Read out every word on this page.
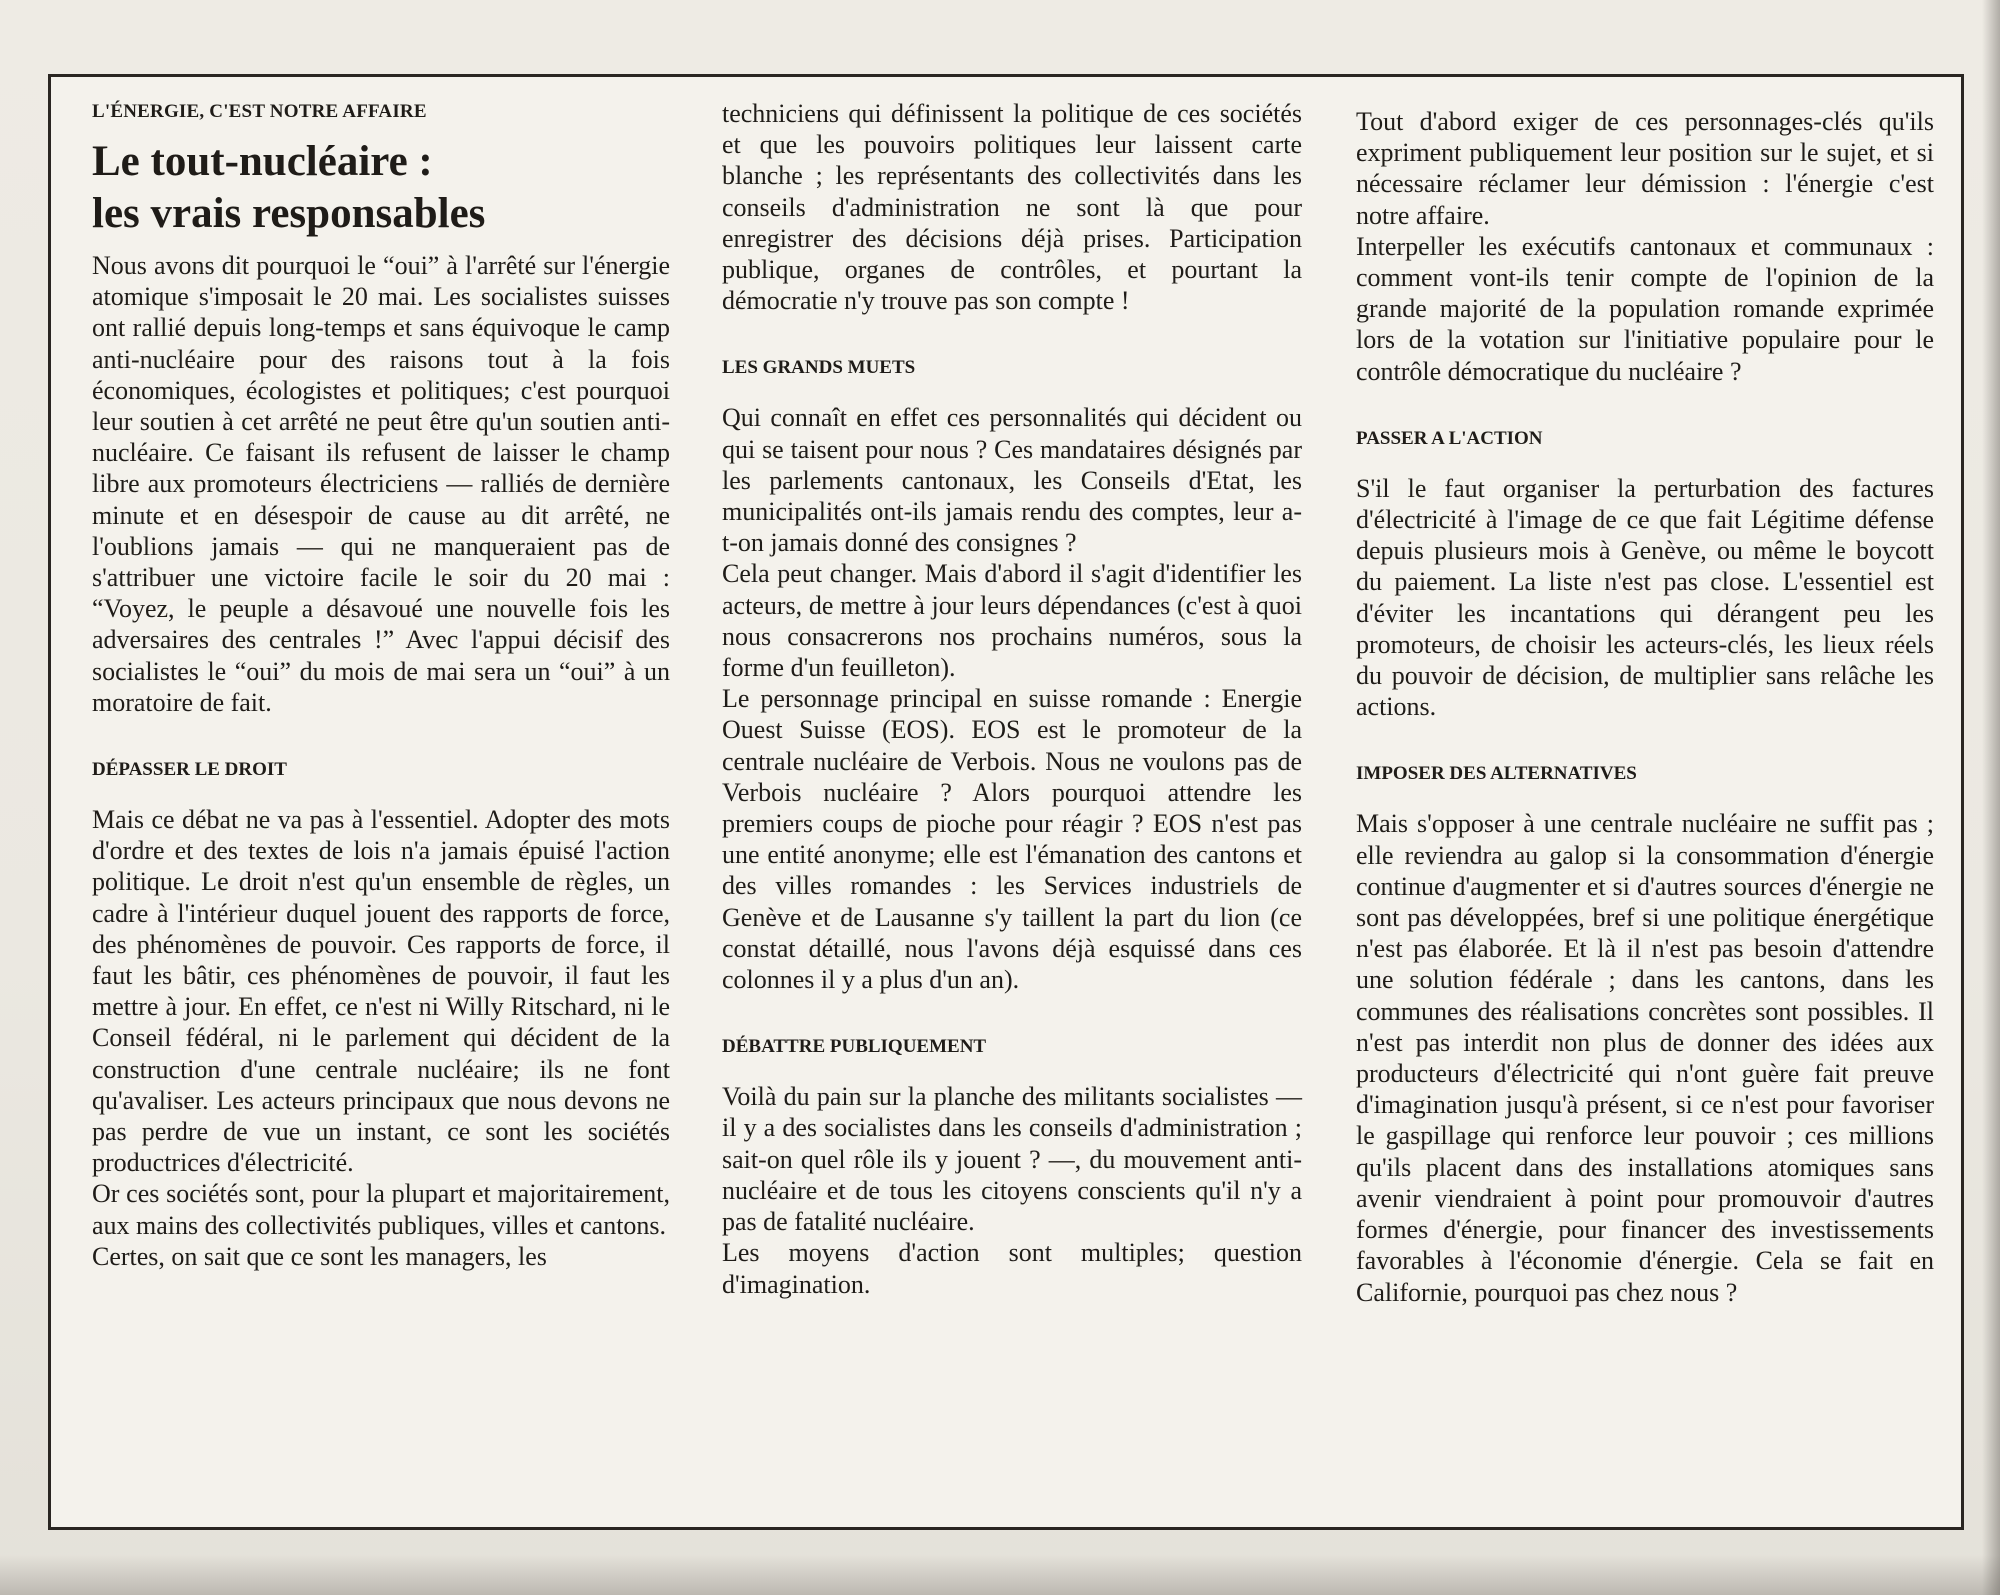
L'ÉNERGIE, C'EST NOTRE AFFAIRE
Le tout-nucléaire :
les vrais responsables

Nous avons dit pourquoi le “oui” à l'arrêté sur l'énergie atomique s'imposait le 20 mai. Les socialistes suisses ont rallié depuis long-temps et sans équivoque le camp anti-nucléaire pour des raisons tout à la fois économiques, écologistes et politiques; c'est pourquoi leur soutien à cet arrêté ne peut être qu'un soutien anti-nucléaire. Ce faisant ils refusent de laisser le champ libre aux promoteurs électriciens — ralliés de dernière minute et en désespoir de cause au dit arrêté, ne l'oublions jamais — qui ne manqueraient pas de s'attribuer une victoire facile le soir du 20 mai : “Voyez, le peuple a désavoué une nouvelle fois les adversaires des centrales !” Avec l'appui décisif des socialistes le “oui” du mois de mai sera un “oui” à un moratoire de fait.

DÉPASSER LE DROIT

Mais ce débat ne va pas à l'essentiel. Adopter des mots d'ordre et des textes de lois n'a jamais épuisé l'action politique. Le droit n'est qu'un ensemble de règles, un cadre à l'intérieur duquel jouent des rapports de force, des phénomènes de pouvoir. Ces rapports de force, il faut les bâtir, ces phénomènes de pouvoir, il faut les mettre à jour. En effet, ce n'est ni Willy Ritschard, ni le Conseil fédéral, ni le parlement qui décident de la construction d'une centrale nucléaire; ils ne font qu'avaliser. Les acteurs principaux que nous devons ne pas perdre de vue un instant, ce sont les sociétés productrices d'électricité.

Or ces sociétés sont, pour la plupart et majoritairement, aux mains des collectivités publiques, villes et cantons.

Certes, on sait que ce sont les managers, les

techniciens qui définissent la politique de ces sociétés et que les pouvoirs politiques leur laissent carte blanche ; les représentants des collectivités dans les conseils d'administration ne sont là que pour enregistrer des décisions déjà prises. Participation publique, organes de contrôles, et pourtant la démocratie n'y trouve pas son compte !

LES GRANDS MUETS

Qui connaît en effet ces personnalités qui décident ou qui se taisent pour nous ? Ces mandataires désignés par les parlements cantonaux, les Conseils d'Etat, les municipalités ont-ils jamais rendu des comptes, leur a-t-on jamais donné des consignes ?

Cela peut changer. Mais d'abord il s'agit d'identifier les acteurs, de mettre à jour leurs dépendances (c'est à quoi nous consacrerons nos prochains numéros, sous la forme d'un feuilleton).

Le personnage principal en suisse romande : Energie Ouest Suisse (EOS). EOS est le promoteur de la centrale nucléaire de Verbois. Nous ne voulons pas de Verbois nucléaire ? Alors pourquoi attendre les premiers coups de pioche pour réagir ? EOS n'est pas une entité anonyme; elle est l'émanation des cantons et des villes romandes : les Services industriels de Genève et de Lausanne s'y taillent la part du lion (ce constat détaillé, nous l'avons déjà esquissé dans ces colonnes il y a plus d'un an).

DÉBATTRE PUBLIQUEMENT

Voilà du pain sur la planche des militants socialistes — il y a des socialistes dans les conseils d'administration ; sait-on quel rôle ils y jouent ? —, du mouvement anti-nucléaire et de tous les citoyens conscients qu'il n'y a pas de fatalité nucléaire.

Les moyens d'action sont multiples; question d'imagination.

Tout d'abord exiger de ces personnages-clés qu'ils expriment publiquement leur position sur le sujet, et si nécessaire réclamer leur démission : l'énergie c'est notre affaire.

Interpeller les exécutifs cantonaux et communaux : comment vont-ils tenir compte de l'opinion de la grande majorité de la population romande exprimée lors de la votation sur l'initiative populaire pour le contrôle démocratique du nucléaire ?

PASSER A L'ACTION

S'il le faut organiser la perturbation des factures d'électricité à l'image de ce que fait Légitime défense depuis plusieurs mois à Genève, ou même le boycott du paiement. La liste n'est pas close. L'essentiel est d'éviter les incantations qui dérangent peu les promoteurs, de choisir les acteurs-clés, les lieux réels du pouvoir de décision, de multiplier sans relâche les actions.

IMPOSER DES ALTERNATIVES

Mais s'opposer à une centrale nucléaire ne suffit pas ; elle reviendra au galop si la consommation d'énergie continue d'augmenter et si d'autres sources d'énergie ne sont pas développées, bref si une politique énergétique n'est pas élaborée. Et là il n'est pas besoin d'attendre une solution fédérale ; dans les cantons, dans les communes des réalisations concrètes sont possibles. Il n'est pas interdit non plus de donner des idées aux producteurs d'électricité qui n'ont guère fait preuve d'imagination jusqu'à présent, si ce n'est pour favoriser le gaspillage qui renforce leur pouvoir ; ces millions qu'ils placent dans des installations atomiques sans avenir viendraient à point pour promouvoir d'autres formes d'énergie, pour financer des investissements favorables à l'économie d'énergie. Cela se fait en Californie, pourquoi pas chez nous ?
